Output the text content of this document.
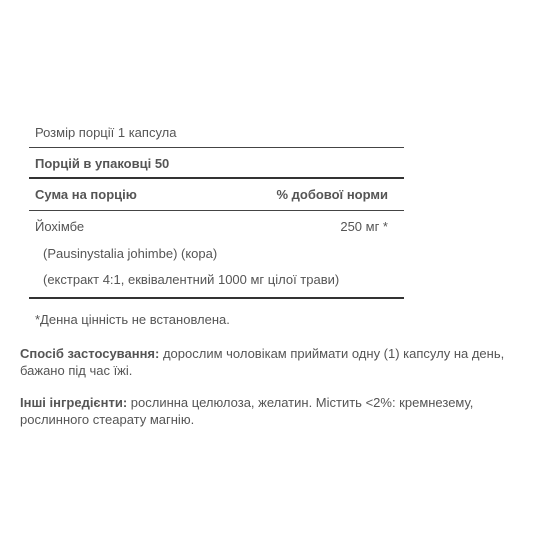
Розмір порції 1 капсула
Порцій в упаковці 50
Сума на порцію	% добової норми
Йохімбе	250 мг *
(Pausinystalia johimbe) (кора)
(екстракт 4:1, еквівалентний 1000 мг цілої трави)
*Денна цінність не встановлена.
Спосіб застосування: дорослим чоловікам приймати одну (1) капсулу на день, бажано під час їжі.
Інші інгредієнти: рослинна целюлоза, желатин. Містить <2%: кремнезему, рослинного стеарату магнію.
